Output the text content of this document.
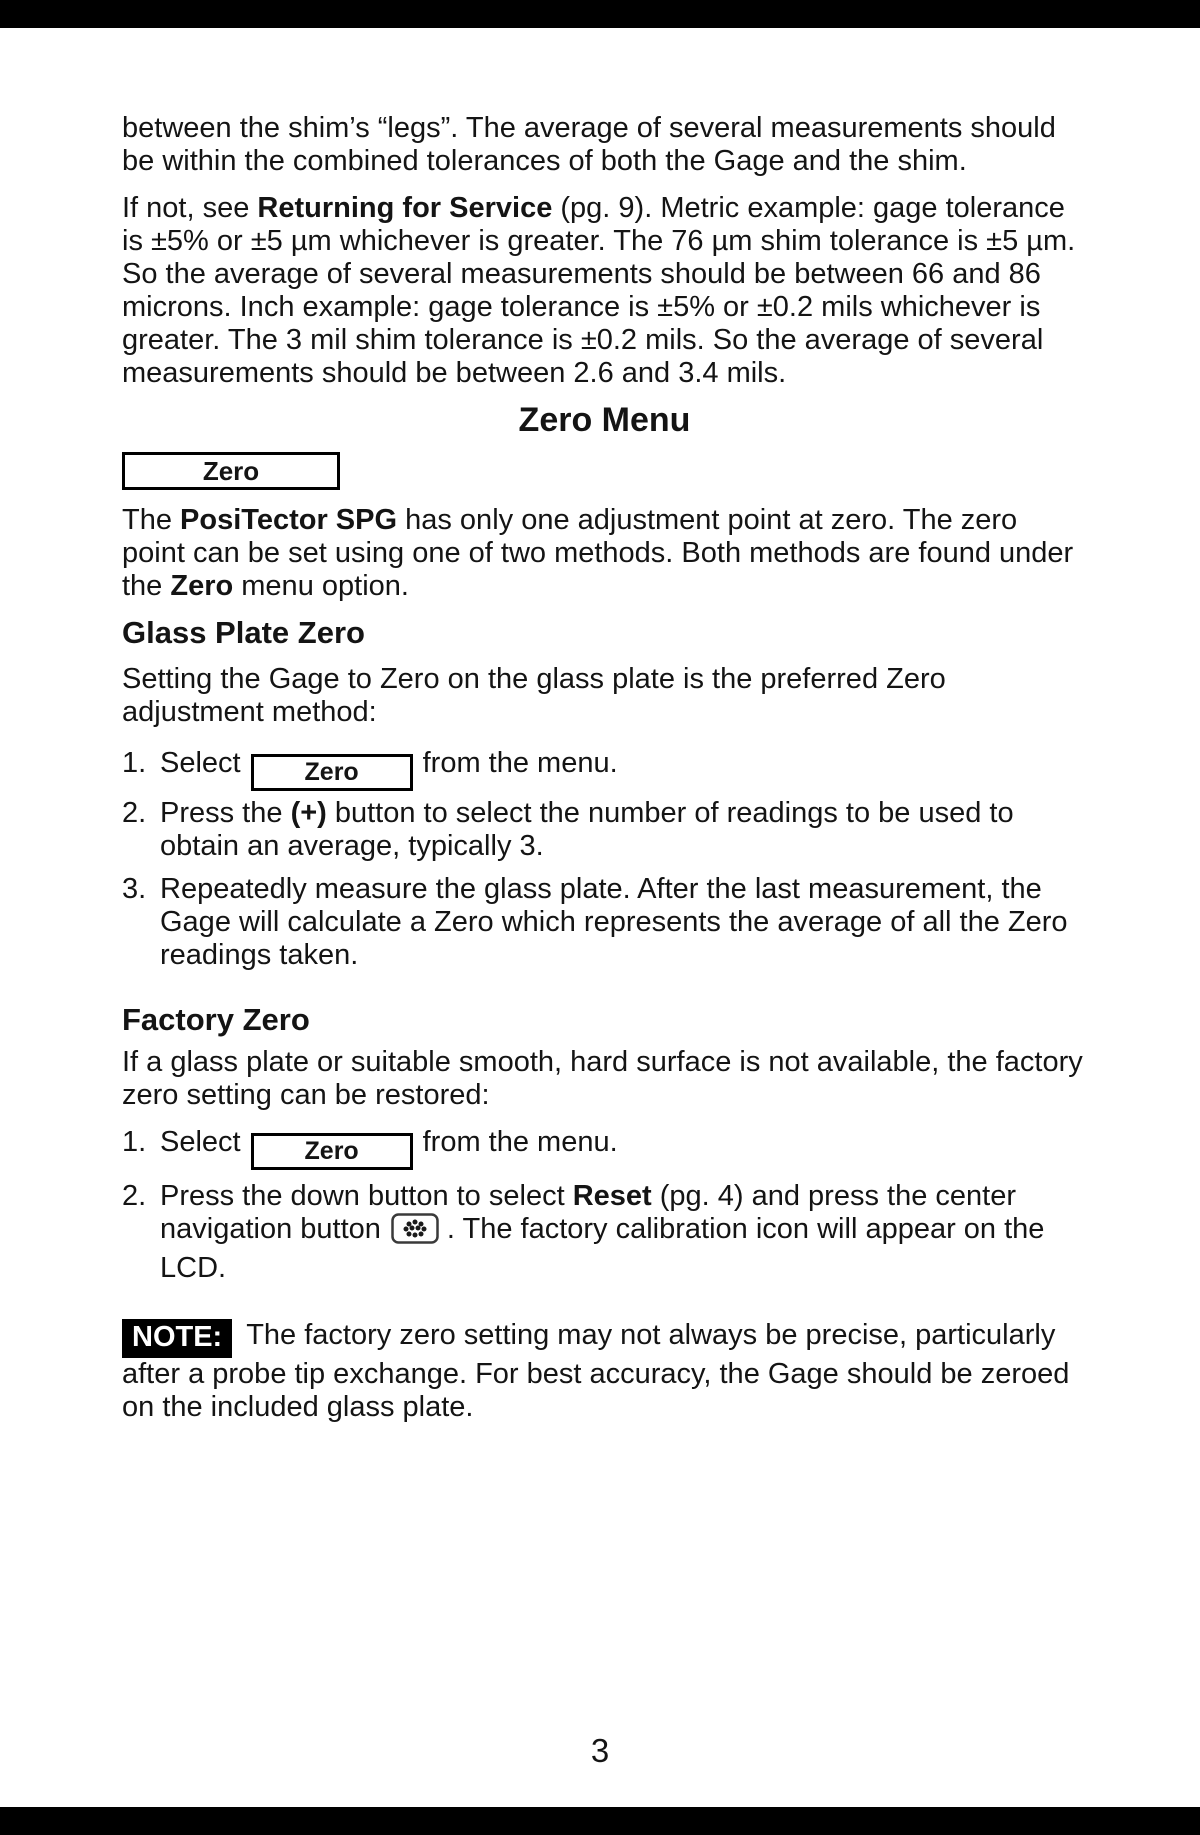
between the shim’s “legs”. The average of several measurements should be within the combined tolerances of both the Gage and the shim.

If not, see Returning for Service (pg. 9). Metric example: gage tolerance is ±5% or ±5 µm whichever is greater. The 76 µm shim tolerance is ±5 µm. So the average of several measurements should be between 66 and 86 microns. Inch example: gage tolerance is ±5% or ±0.2 mils whichever is greater. The 3 mil shim tolerance is ±0.2 mils. So the average of several measurements should be between 2.6 and 3.4 mils.

Zero Menu
Zero

The PosiTector SPG has only one adjustment point at zero. The zero point can be set using one of two methods. Both methods are found under the Zero menu option.

Glass Plate Zero

Setting the Gage to Zero on the glass plate is the preferred Zero adjustment method:

1. Select	Zero from the menu.
2. Press the (+) button to select the number of readings to be used to obtain an average, typically 3.
3. Repeatedly measure the glass plate. After the last measurement, the Gage will calculate a Zero which represents the average of all the Zero readings taken.
Factory Zero

If a glass plate or suitable smooth, hard surface is not available, the factory zero setting can be restored:

1. Select	Zero from the menu.
2. Press the down button to select Reset (pg. 4) and press the center navigation button . The factory calibration icon will appear on the LCD.

NOTE: The factory zero setting may not always be precise, particularly after a probe tip exchange. For best accuracy, the Gage should be zeroed on the included glass plate.

3
